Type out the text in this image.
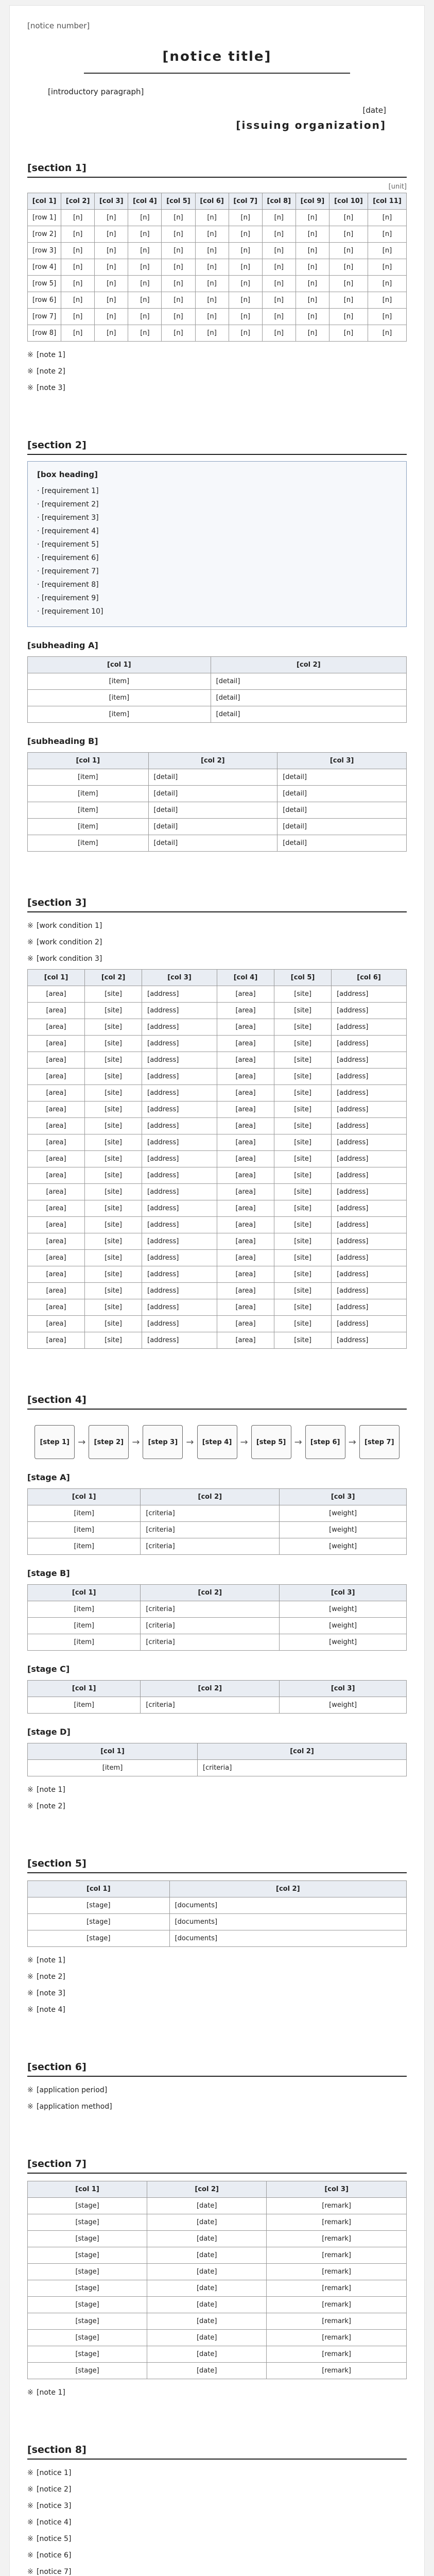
[notice number]
[notice title]

[introductory paragraph]

[date]
[issuing organization]
[section 1]
[unit]
[col 1]	[col 2]	[col 3]	[col 4]	[col 5]	[col 6]	[col 7]	[col 8]	[col 9]	[col 10]	[col 11]
[row 1]	[n]	[n]	[n]	[n]	[n]	[n]	[n]	[n]	[n]	[n]
[row 2]	[n]	[n]	[n]	[n]	[n]	[n]	[n]	[n]	[n]	[n]
[row 3]	[n]	[n]	[n]	[n]	[n]	[n]	[n]	[n]	[n]	[n]
[row 4]	[n]	[n]	[n]	[n]	[n]	[n]	[n]	[n]	[n]	[n]
[row 5]	[n]	[n]	[n]	[n]	[n]	[n]	[n]	[n]	[n]	[n]
[row 6]	[n]	[n]	[n]	[n]	[n]	[n]	[n]	[n]	[n]	[n]
[row 7]	[n]	[n]	[n]	[n]	[n]	[n]	[n]	[n]	[n]	[n]
[row 8]	[n]	[n]	[n]	[n]	[n]	[n]	[n]	[n]	[n]	[n]
※ [note 1]
※ [note 2]
※ [note 3]
[section 2]
[box heading]
· [requirement 1]
· [requirement 2]
· [requirement 3]
· [requirement 4]
· [requirement 5]
· [requirement 6]
· [requirement 7]
· [requirement 8]
· [requirement 9]
· [requirement 10]
[subheading A]
[col 1]	[col 2]
[item]	[detail]
[item]	[detail]
[item]	[detail]
[subheading B]
[col 1]	[col 2]	[col 3]
[item]	[detail]	[detail]
[item]	[detail]	[detail]
[item]	[detail]	[detail]
[item]	[detail]	[detail]
[item]	[detail]	[detail]
[section 3]
※ [work condition 1]
※ [work condition 2]
※ [work condition 3]
[col 1]	[col 2]	[col 3]	[col 4]	[col 5]	[col 6]
[area]	[site]	[address]	[area]	[site]	[address]
[area]	[site]	[address]	[area]	[site]	[address]
[area]	[site]	[address]	[area]	[site]	[address]
[area]	[site]	[address]	[area]	[site]	[address]
[area]	[site]	[address]	[area]	[site]	[address]
[area]	[site]	[address]	[area]	[site]	[address]
[area]	[site]	[address]	[area]	[site]	[address]
[area]	[site]	[address]	[area]	[site]	[address]
[area]	[site]	[address]	[area]	[site]	[address]
[area]	[site]	[address]	[area]	[site]	[address]
[area]	[site]	[address]	[area]	[site]	[address]
[area]	[site]	[address]	[area]	[site]	[address]
[area]	[site]	[address]	[area]	[site]	[address]
[area]	[site]	[address]	[area]	[site]	[address]
[area]	[site]	[address]	[area]	[site]	[address]
[area]	[site]	[address]	[area]	[site]	[address]
[area]	[site]	[address]	[area]	[site]	[address]
[area]	[site]	[address]	[area]	[site]	[address]
[area]	[site]	[address]	[area]	[site]	[address]
[area]	[site]	[address]	[area]	[site]	[address]
[area]	[site]	[address]	[area]	[site]	[address]
[area]	[site]	[address]	[area]	[site]	[address]
[section 4]
[step 1] →	[step 2] →	[step 3] →	[step 4] →	[step 5] →	[step 6] →	[step 7]
[stage A]
[col 1]	[col 2]	[col 3]
[item]	[criteria]	[weight]
[item]	[criteria]	[weight]
[item]	[criteria]	[weight]
[stage B]
[col 1]	[col 2]	[col 3]
[item]	[criteria]	[weight]
[item]	[criteria]	[weight]
[item]	[criteria]	[weight]
[stage C]
[col 1]	[col 2]	[col 3]
[item]	[criteria]	[weight]
[stage D]
[col 1]	[col 2]
[item]	[criteria]
※ [note 1]
※ [note 2]
[section 5]
[col 1]	[col 2]
[stage]	[documents]
[stage]	[documents]
[stage]	[documents]
※ [note 1]
※ [note 2]
※ [note 3]
※ [note 4]
[section 6]
※ [application period]
※ [application method]
[section 7]
[col 1]	[col 2]	[col 3]
[stage]	[date]	[remark]
[stage]	[date]	[remark]
[stage]	[date]	[remark]
[stage]	[date]	[remark]
[stage]	[date]	[remark]
[stage]	[date]	[remark]
[stage]	[date]	[remark]
[stage]	[date]	[remark]
[stage]	[date]	[remark]
[stage]	[date]	[remark]
[stage]	[date]	[remark]
※ [note 1]
[section 8]
※ [notice 1]
※ [notice 2]
※ [notice 3]
※ [notice 4]
※ [notice 5]
※ [notice 6]
※ [notice 7]
